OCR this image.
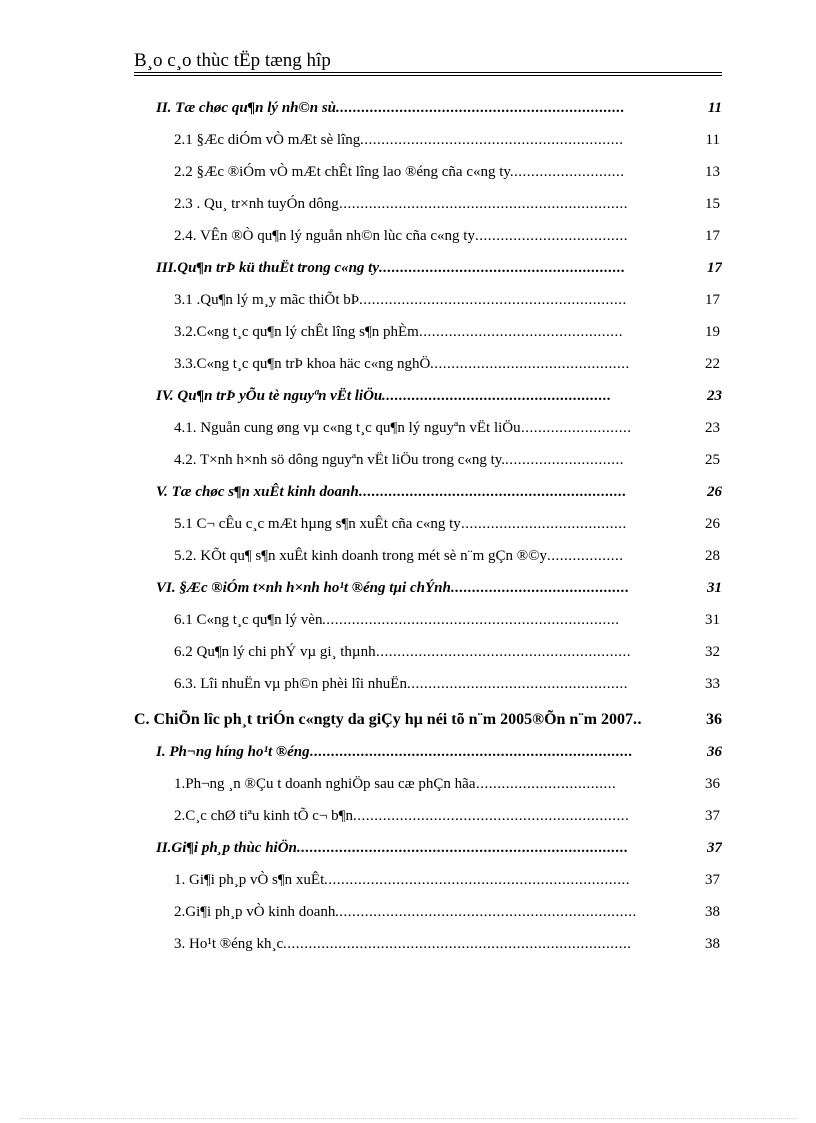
B¸o c¸o thùc tËp tæng hîp
II. Tæ chøc qu¶n lý nh©n sù ....................................................................	11
2.1 §Æc diÓm vÒ mÆt sè lîng ..............................................................	11
2.2 §Æc ®iÓm vÒ mÆt chÊt lîng lao ®éng cña c«ng ty. ..........................	13
2.3 . Qu¸ tr×nh tuyÓn dông ....................................................................	15
2.4. VÊn ®Ò qu¶n lý nguån nh©n lùc cña c«ng ty ....................................	17
III.Qu¶n trÞ kü thuËt trong c«ng ty ..........................................................	17
3.1 .Qu¶n lý m¸y mãc thiÕt bÞ ...............................................................	17
3.2.C«ng t¸c qu¶n lý chÊt lîng s¶n phÈm ................................................	19
3.3.C«ng t¸c qu¶n trÞ khoa häc c«ng nghÖ ...............................................	22
IV. Qu¶n trÞ yÕu tè nguyªn vËt liÖu ......................................................	23
4.1. Nguån cung øng vµ c«ng t¸c qu¶n lý nguyªn vËt liÖu ..........................	23
4.2. T×nh h×nh sö dông nguyªn vËt liÖu trong c«ng ty. ............................	25
V. Tæ chøc s¶n xuÊt kinh doanh ...............................................................	26
5.1 C¬ cÊu c¸c mÆt hµng s¶n xuÊt cña c«ng ty .......................................	26
5.2. KÕt qu¶ s¶n xuÊt kinh doanh trong mét sè n¨m gÇn ®©y ..................	28
VI. §Æc ®iÓm t×nh h×nh ho¹t ®éng tµi chÝnh ..........................................	31
6.1 C«ng t¸c qu¶n lý vèn ......................................................................	31
6.2 Qu¶n lý chi phÝ vµ gi¸ thµnh ............................................................	32
6.3. Lîi nhuËn vµ ph©n phèi lîi nhuËn ....................................................	33
C. ChiÕn lîc ph¸t triÓn c«ngty da giÇy hµ néi tõ n¨m 2005®Õn n¨m 2007 ..	36
I. Ph¬ng híng ho¹t ®éng ............................................................................	36
1.Ph¬ng ¸n ®Çu t doanh nghiÖp sau cæ phÇn hãa .................................	36
2.C¸c chØ tiªu kinh tÕ c¬ b¶n .................................................................	37
II.Gi¶i ph¸p thùc hiÖn ..............................................................................	37
1. Gi¶i ph¸p vÒ s¶n xuÊt ........................................................................	37
2.Gi¶i ph¸p vÒ kinh doanh .......................................................................	38
3. Ho¹t ®éng kh¸c ..................................................................................	38
